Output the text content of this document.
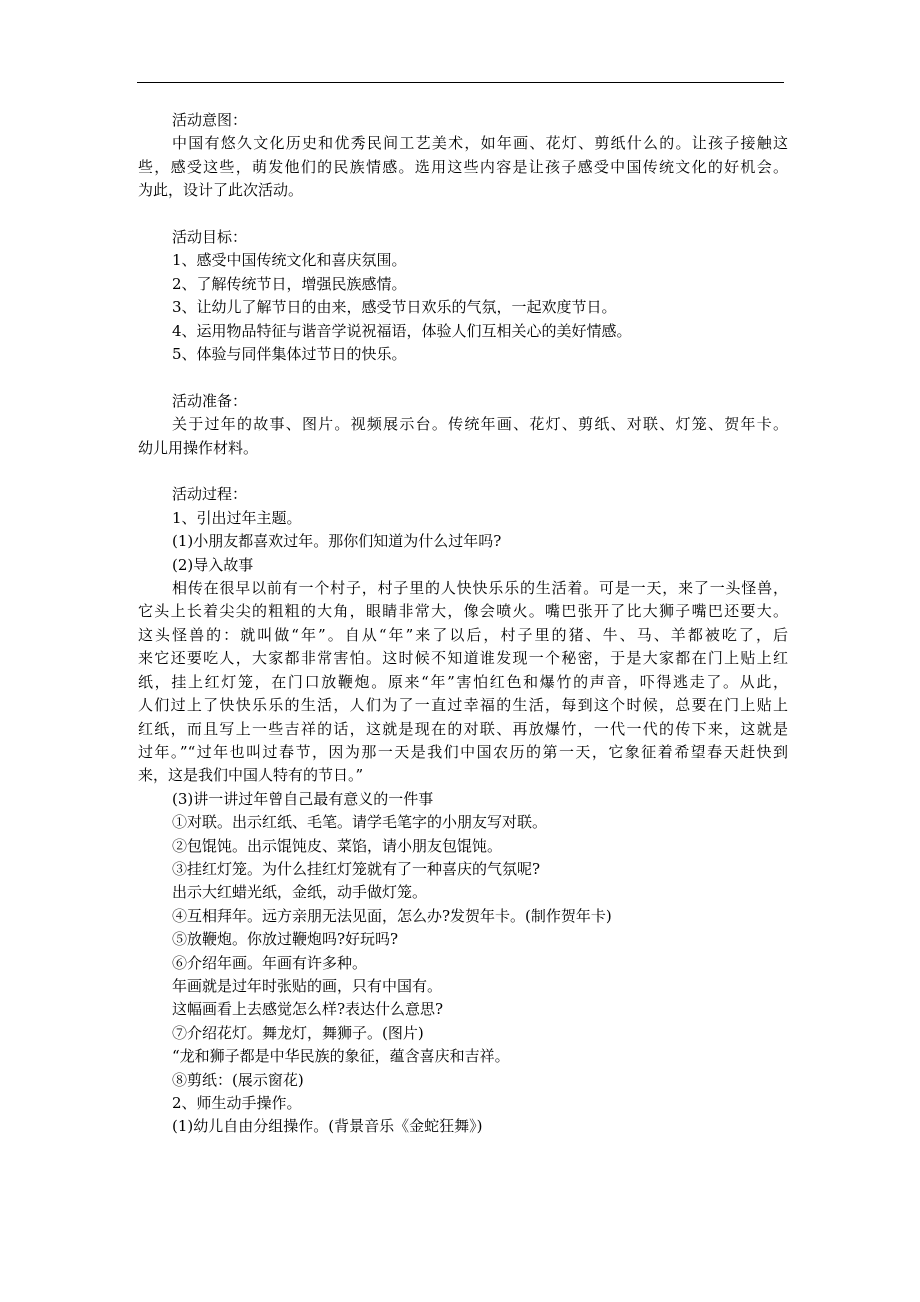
活动意图：

中国有悠久文化历史和优秀民间工艺美术，如年画、花灯、剪纸什么的。让孩子接触这
些，感受这些，萌发他们的民族情感。选用这些内容是让孩子感受中国传统文化的好机会。
为此，设计了此次活动。

活动目标：

1、感受中国传统文化和喜庆氛围。

2、了解传统节日，增强民族感情。

3、让幼儿了解节日的由来，感受节日欢乐的气氛，一起欢度节日。

4、运用物品特征与谐音学说祝福语，体验人们互相关心的美好情感。

5、体验与同伴集体过节日的快乐。

活动准备：

关于过年的故事、图片。视频展示台。传统年画、花灯、剪纸、对联、灯笼、贺年卡。
幼儿用操作材料。

活动过程：

1、引出过年主题。

(1)小朋友都喜欢过年。那你们知道为什么过年吗?

(2)导入故事

相传在很早以前有一个村子，村子里的人快快乐乐的生活着。可是一天，来了一头怪兽，
它头上长着尖尖的粗粗的大角，眼睛非常大，像会喷火。嘴巴张开了比大狮子嘴巴还要大。
这头怪兽的：就叫做“年”。自从“年”来了以后，村子里的猪、牛、马、羊都被吃了，后
来它还要吃人，大家都非常害怕。这时候不知道谁发现一个秘密，于是大家都在门上贴上红
纸，挂上红灯笼，在门口放鞭炮。原来“年”害怕红色和爆竹的声音，吓得逃走了。从此，
人们过上了快快乐乐的生活，人们为了一直过幸福的生活，每到这个时候，总要在门上贴上
红纸，而且写上一些吉祥的话，这就是现在的对联、再放爆竹，一代一代的传下来，这就是
过年。”“过年也叫过春节，因为那一天是我们中国农历的第一天，它象征着希望春天赶快到
来，这是我们中国人特有的节日。”

(3)讲一讲过年曾自己最有意义的一件事

①对联。出示红纸、毛笔。请学毛笔字的小朋友写对联。

②包馄饨。出示馄饨皮、菜馅，请小朋友包馄饨。

③挂红灯笼。为什么挂红灯笼就有了一种喜庆的气氛呢?

出示大红蜡光纸，金纸，动手做灯笼。

④互相拜年。远方亲朋无法见面，怎么办?发贺年卡。(制作贺年卡)

⑤放鞭炮。你放过鞭炮吗?好玩吗?

⑥介绍年画。年画有许多种。

年画就是过年时张贴的画，只有中国有。

这幅画看上去感觉怎么样?表达什么意思?

⑦介绍花灯。舞龙灯，舞狮子。(图片)

“龙和狮子都是中华民族的象征，蕴含喜庆和吉祥。

⑧剪纸：(展示窗花)

2、师生动手操作。

(1)幼儿自由分组操作。(背景音乐《金蛇狂舞》)
